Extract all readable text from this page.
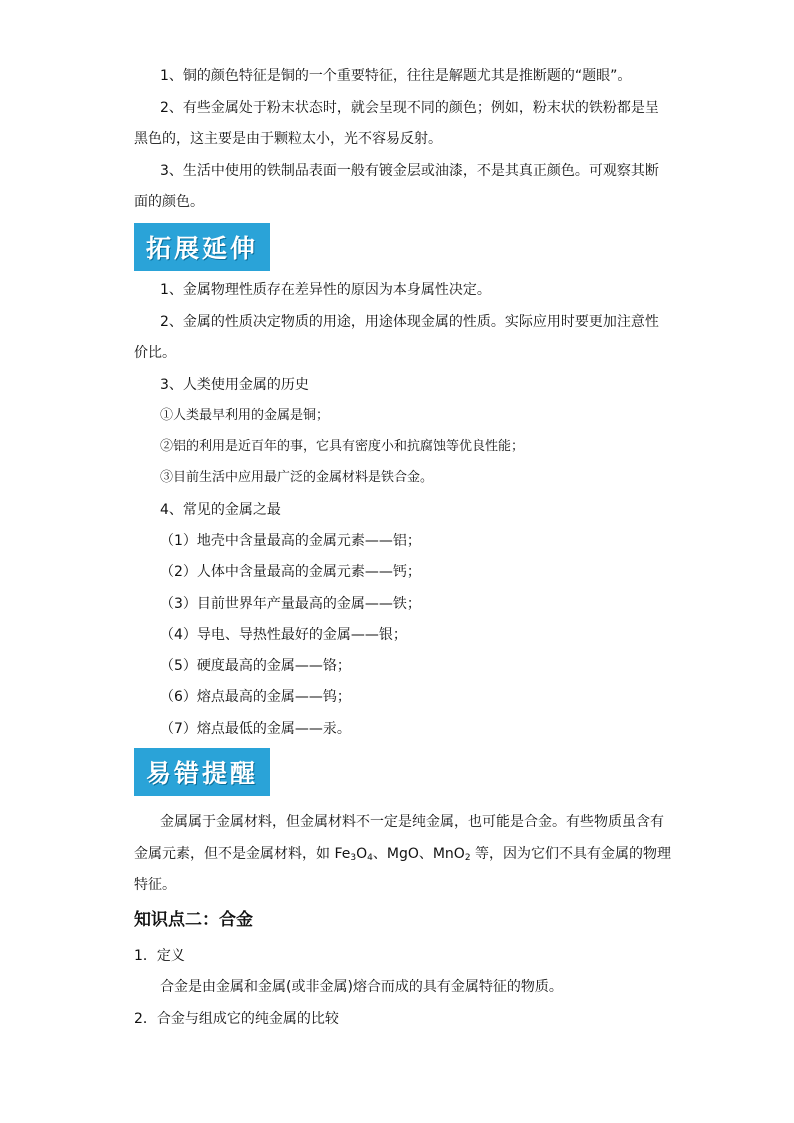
1、铜的颜色特征是铜的一个重要特征，往往是解题尤其是推断题的“题眼”。
2、有些金属处于粉末状态时，就会呈现不同的颜色；例如，粉末状的铁粉都是呈
黑色的，这主要是由于颗粒太小，光不容易反射。
3、生活中使用的铁制品表面一般有镀金层或油漆，不是其真正颜色。可观察其断
面的颜色。
拓展延伸
1、金属物理性质存在差异性的原因为本身属性决定。
2、金属的性质决定物质的用途，用途体现金属的性质。实际应用时要更加注意性
价比。
3、人类使用金属的历史
①人类最早利用的金属是铜；
②铝的利用是近百年的事，它具有密度小和抗腐蚀等优良性能；
③目前生活中应用最广泛的金属材料是铁合金。
4、常见的金属之最
（1）地壳中含量最高的金属元素——铝；
（2）人体中含量最高的金属元素——钙；
（3）目前世界年产量最高的金属——铁；
（4）导电、导热性最好的金属——银；
（5）硬度最高的金属——铬；
（6）熔点最高的金属——钨；
（7）熔点最低的金属——汞。
易错提醒
金属属于金属材料，但金属材料不一定是纯金属，也可能是合金。有些物质虽含有
金属元素，但不是金属材料，如 $Fe_3O_4$、MgO、MnO$_2$ 等，因为它们不具有金属的物理
特征。
知识点二：合金
1．定义
合金是由金属和金属(或非金属)熔合而成的具有金属特征的物质。
2．合金与组成它的纯金属的比较
